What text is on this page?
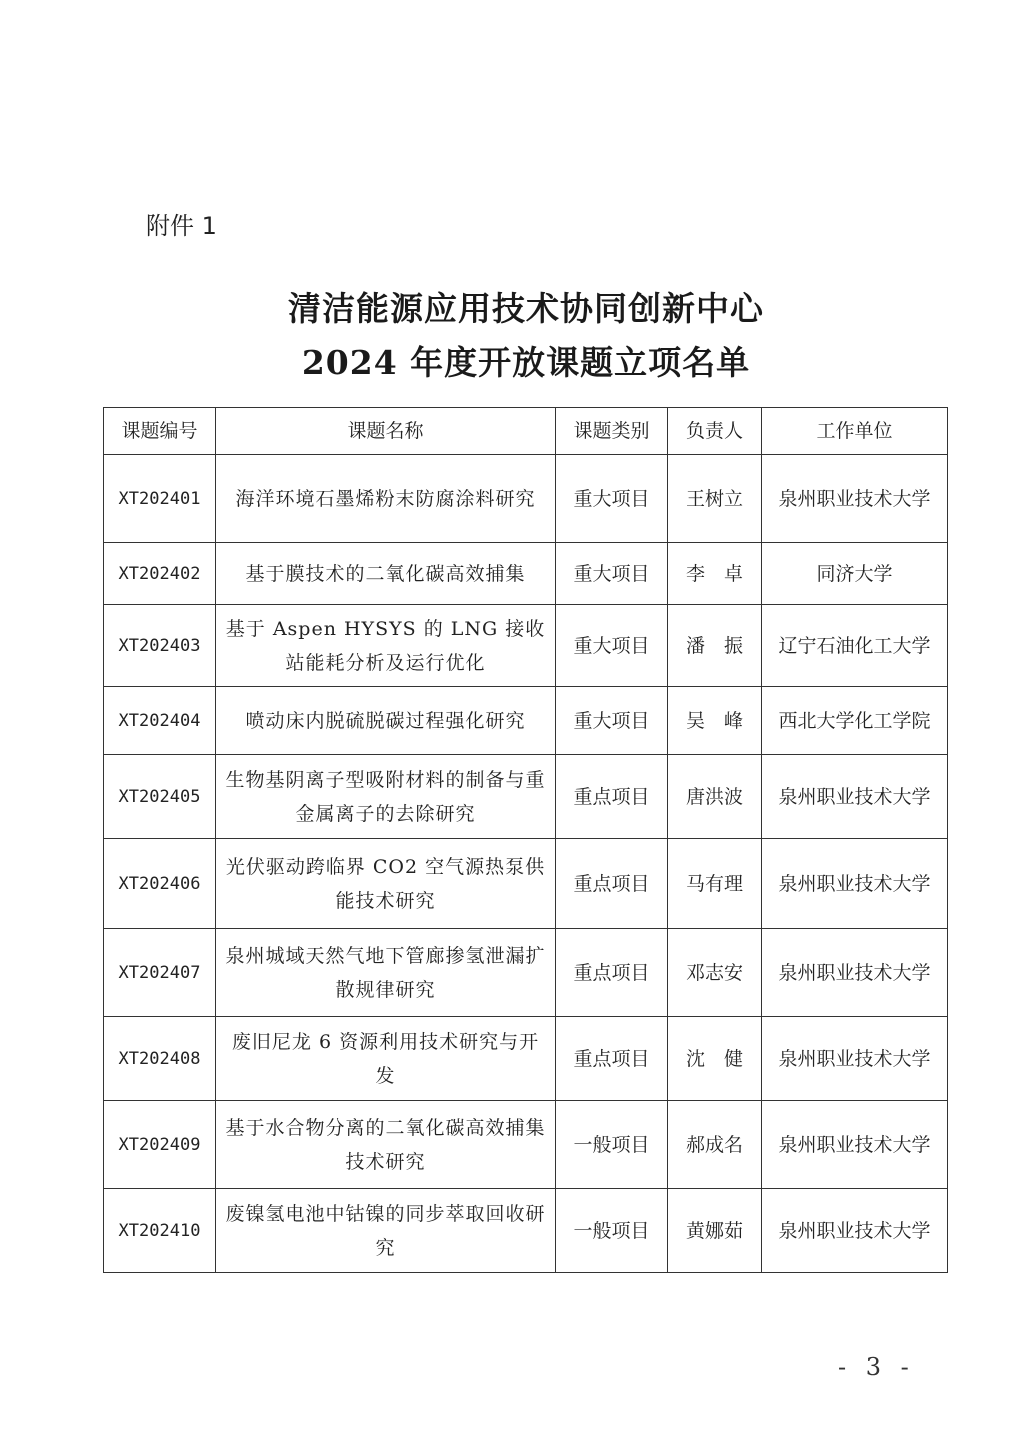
附件 1
清洁能源应用技术协同创新中心
2024 年度开放课题立项名单
课题编号	课题名称	课题类别	负责人	工作单位
XT202401	海洋环境石墨烯粉末防腐涂料研究	重大项目	王树立	泉州职业技术大学
XT202402	基于膜技术的二氧化碳高效捕集	重大项目	李　卓	同济大学
XT202403	基于 Aspen HYSYS 的 LNG 接收站能耗分析及运行优化	重大项目	潘　振	辽宁石油化工大学
XT202404	喷动床内脱硫脱碳过程强化研究	重大项目	吴　峰	西北大学化工学院
XT202405	生物基阴离子型吸附材料的制备与重金属离子的去除研究	重点项目	唐洪波	泉州职业技术大学
XT202406	光伏驱动跨临界 CO2 空气源热泵供能技术研究	重点项目	马有理	泉州职业技术大学
XT202407	泉州城域天然气地下管廊掺氢泄漏扩散规律研究	重点项目	邓志安	泉州职业技术大学
XT202408	废旧尼龙 6 资源利用技术研究与开发	重点项目	沈　健	泉州职业技术大学
XT202409	基于水合物分离的二氧化碳高效捕集技术研究	一般项目	郝成名	泉州职业技术大学
XT202410	废镍氢电池中钴镍的同步萃取回收研究	一般项目	黄娜茹	泉州职业技术大学
- 3 -
